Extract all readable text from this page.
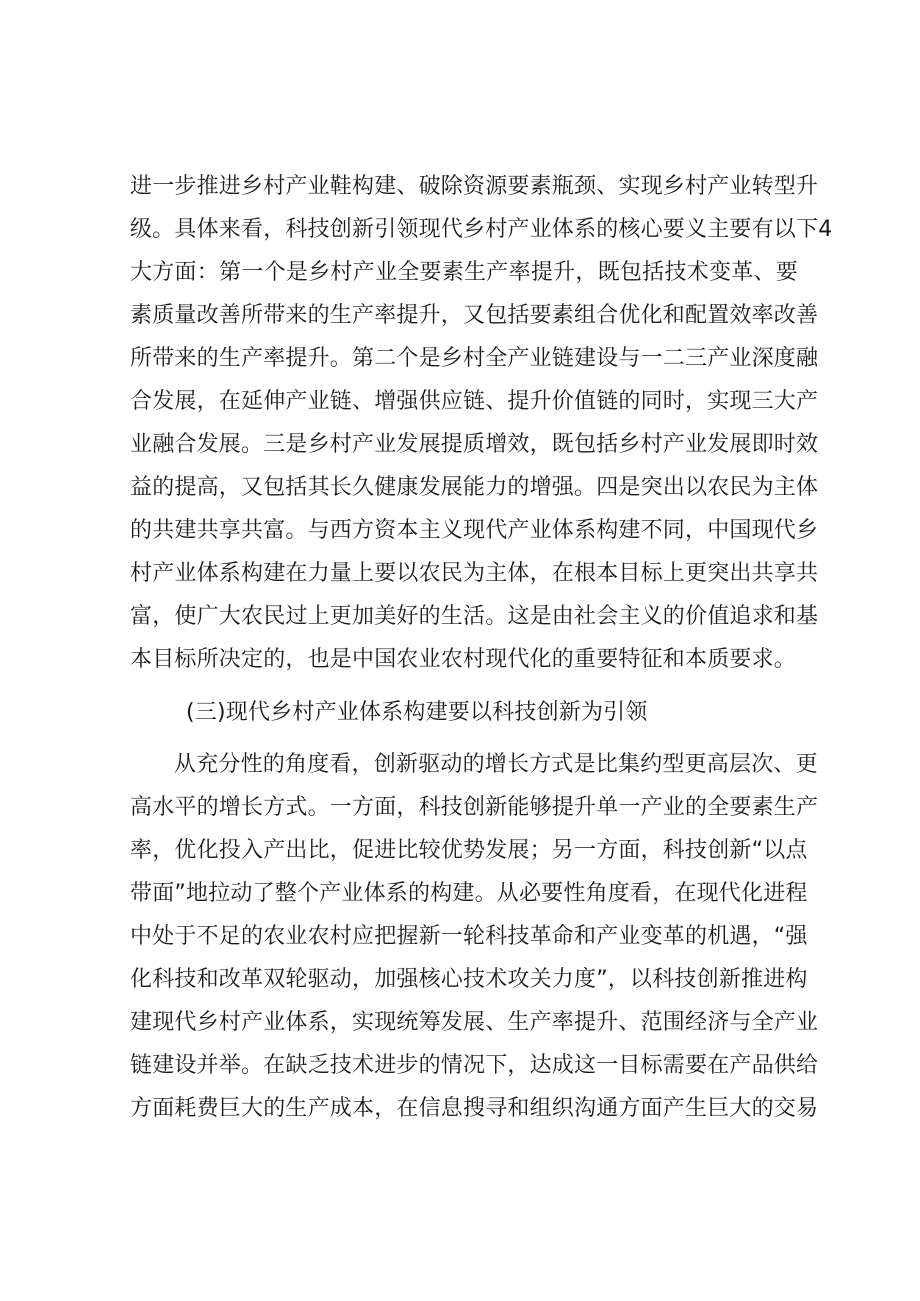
进一步推进乡村产业鞋构建、破除资源要素瓶颈、实现乡村产业转型升
级。具体来看，科技创新引领现代乡村产业体系的核心要义主要有以下4
大方面：第一个是乡村产业全要素生产率提升，既包括技术变革、要
素质量改善所带来的生产率提升，又包括要素组合优化和配置效率改善
所带来的生产率提升。第二个是乡村全产业链建设与一二三产业深度融
合发展，在延伸产业链、增强供应链、提升价值链的同时，实现三大产
业融合发展。三是乡村产业发展提质增效，既包括乡村产业发展即时效
益的提高，又包括其长久健康发展能力的增强。四是突出以农民为主体
的共建共享共富。与西方资本主义现代产业体系构建不同，中国现代乡
村产业体系构建在力量上要以农民为主体，在根本目标上更突出共享共
富，使广大农民过上更加美好的生活。这是由社会主义的价值追求和基
本目标所决定的，也是中国农业农村现代化的重要特征和本质要求。
(三)现代乡村产业体系构建要以科技创新为引领
从充分性的角度看，创新驱动的增长方式是比集约型更高层次、更
高水平的增长方式。一方面，科技创新能够提升单一产业的全要素生产
率，优化投入产出比，促进比较优势发展；另一方面，科技创新“以点
带面”地拉动了整个产业体系的构建。从必要性角度看，在现代化进程
中处于不足的农业农村应把握新一轮科技革命和产业变革的机遇，“强
化科技和改革双轮驱动，加强核心技术攻关力度”，以科技创新推进构
建现代乡村产业体系，实现统筹发展、生产率提升、范围经济与全产业
链建设并举。在缺乏技术进步的情况下，达成这一目标需要在产品供给
方面耗费巨大的生产成本，在信息搜寻和组织沟通方面产生巨大的交易
